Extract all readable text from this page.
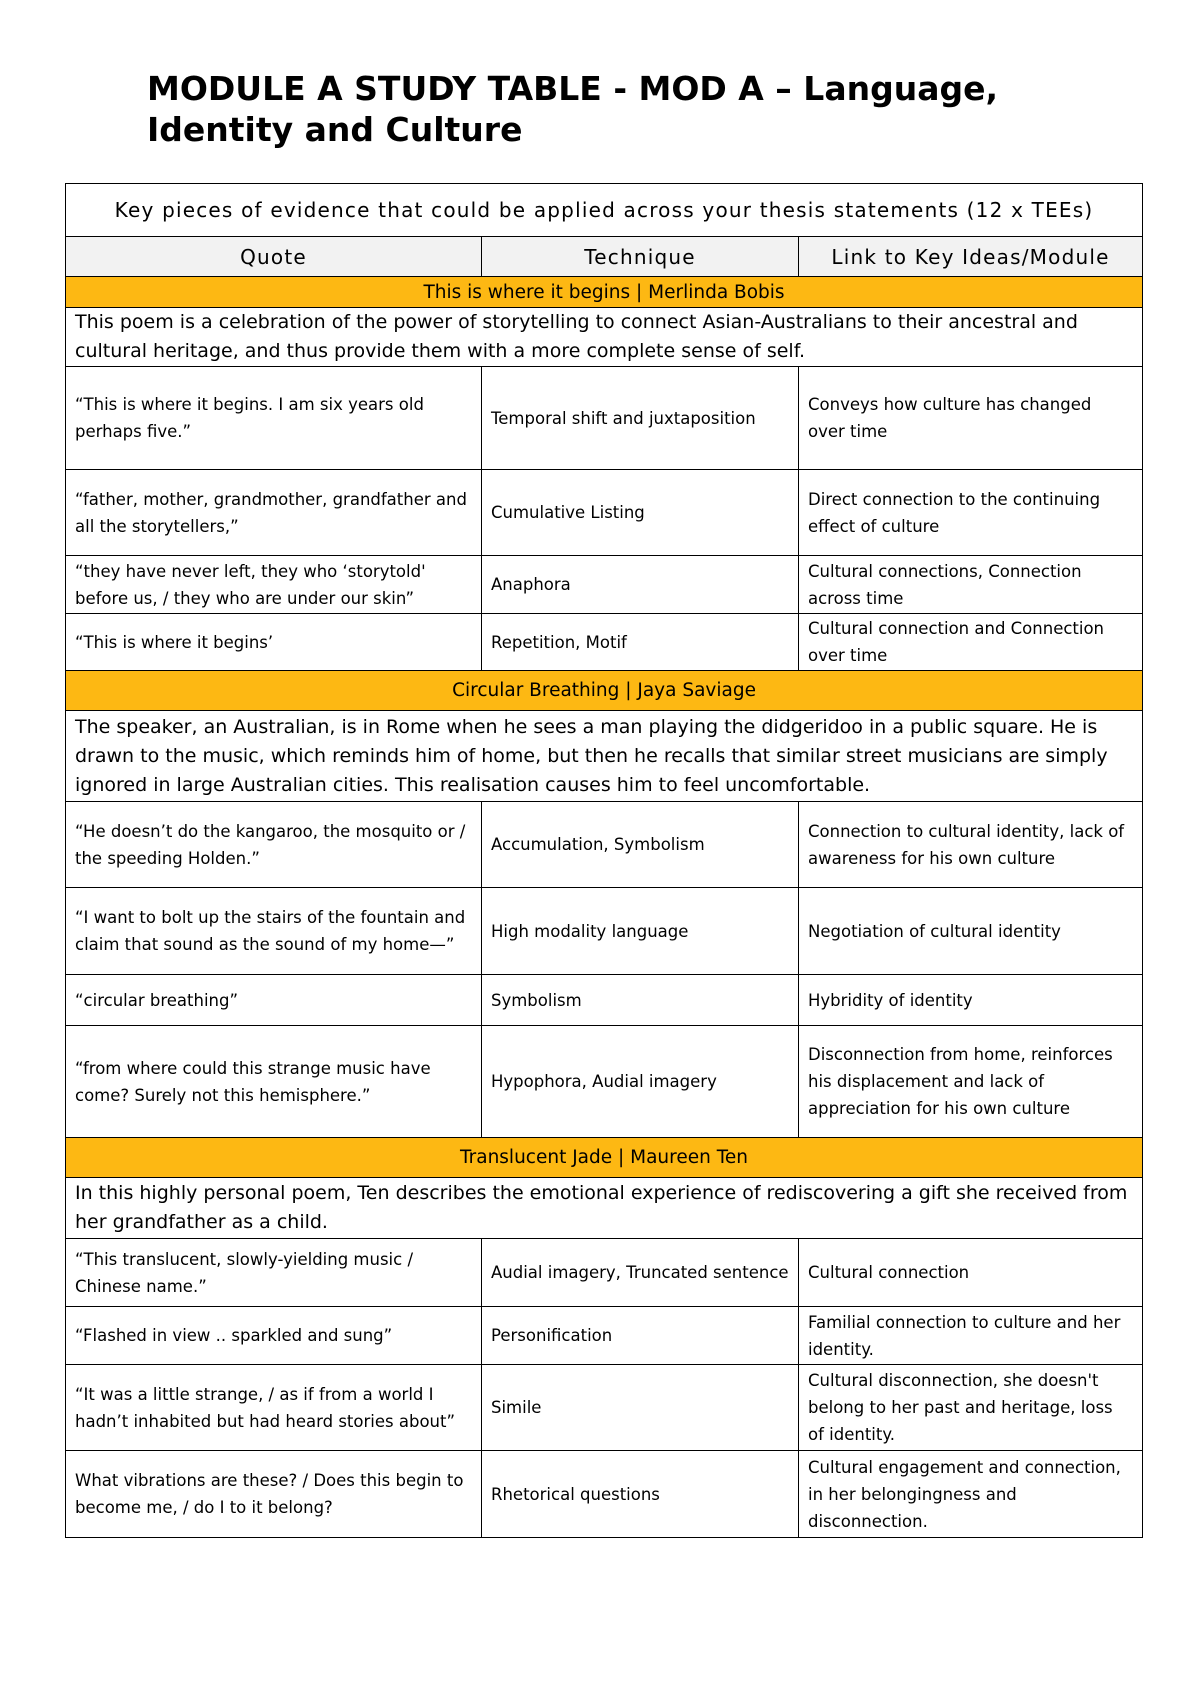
MODULE A STUDY TABLE - MOD A – Language, Identity and Culture
Key pieces of evidence that could be applied across your thesis statements (12 x TEEs)		
Quote	Technique	Link to Key Ideas/Module
This is where it begins | Merlinda Bobis		
This poem is a celebration of the power of storytelling to connect Asian-Australians to their ancestral and cultural heritage, and thus provide them with a more complete sense of self.		
“This is where it begins. I am six years old perhaps five.”	Temporal shift and juxtaposition	Conveys how culture has changed over time
“father, mother, grandmother, grandfather and all the storytellers,”	Cumulative Listing	Direct connection to the continuing effect of culture
“they have never left, they who ‘storytold' before us, / they who are under our skin”	Anaphora	Cultural connections, Connection across time
“This is where it begins’	Repetition, Motif	Cultural connection and Connection over time
Circular Breathing | Jaya Saviage		
The speaker, an Australian, is in Rome when he sees a man playing the didgeridoo in a public square. He is drawn to the music, which reminds him of home, but then he recalls that similar street musicians are simply ignored in large Australian cities. This realisation causes him to feel uncomfortable.		
“He doesn’t do the kangaroo, the mosquito or / the speeding Holden.”	Accumulation, Symbolism	Connection to cultural identity, lack of awareness for his own culture
“I want to bolt up the stairs of the fountain and claim that sound as the sound of my home—”	High modality language	Negotiation of cultural identity
“circular breathing”	Symbolism	Hybridity of identity
“from where could this strange music have come? Surely not this hemisphere.”	Hypophora, Audial imagery	Disconnection from home, reinforces his displacement and lack of appreciation for his own culture
Translucent Jade | Maureen Ten		
In this highly personal poem, Ten describes the emotional experience of rediscovering a gift she received from her grandfather as a child.		
“This translucent, slowly-yielding music / Chinese name.”	Audial imagery, Truncated sentence	Cultural connection
“Flashed in view .. sparkled and sung”	Personification	Familial connection to culture and her identity.
“It was a little strange, / as if from a world I hadn’t inhabited but had heard stories about”	Simile	Cultural disconnection, she doesn't belong to her past and heritage, loss of identity.
What vibrations are these? / Does this begin to become me, / do I to it belong?	Rhetorical questions	Cultural engagement and connection, in her belongingness and disconnection.
